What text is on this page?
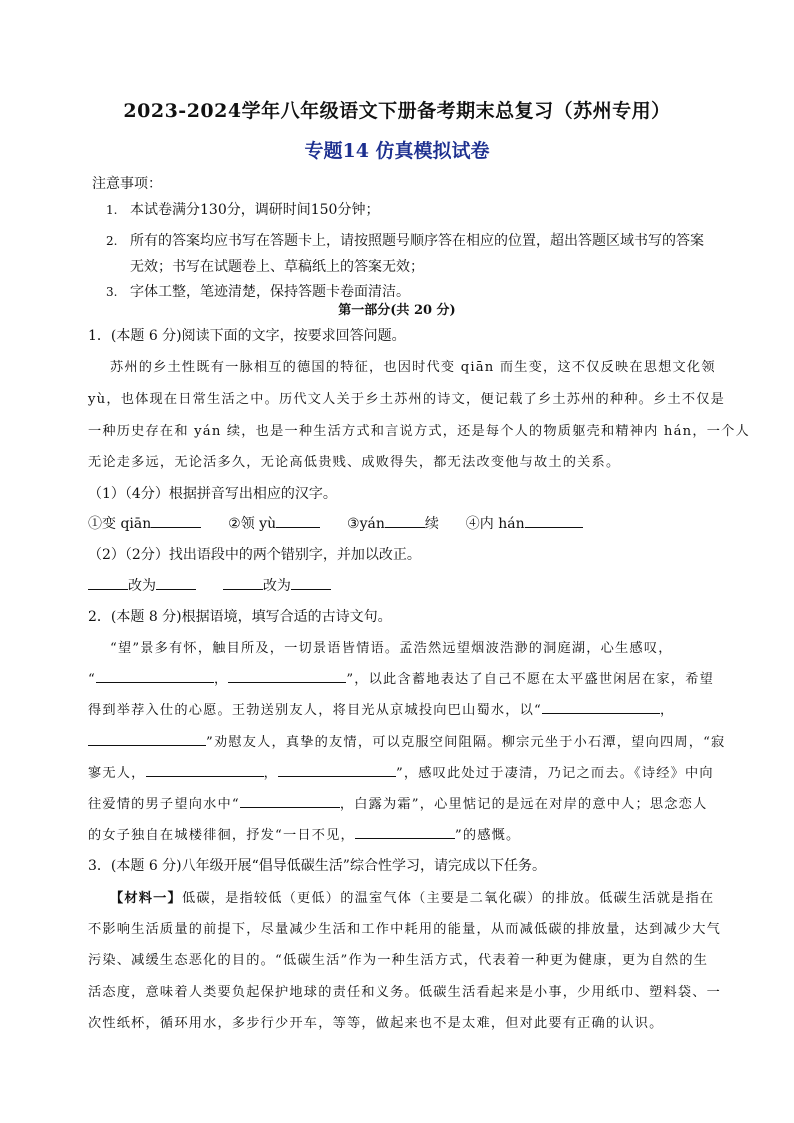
2023-2024学年八年级语文下册备考期末总复习（苏州专用）
专题14 仿真模拟试卷
注意事项：
1. 本试卷满分130分，调研时间150分钟；
2. 所有的答案均应书写在答题卡上，请按照题号顺序答在相应的位置，超出答题区域书写的答案
无效；书写在试题卷上、草稿纸上的答案无效；
3. 字体工整，笔迹清楚，保持答题卡卷面清洁。
第一部分(共 20 分)
1．(本题 6 分)阅读下面的文字，按要求回答问题。
苏州的乡土性既有一脉相互的德国的特征，也因时代变 qiān 而生变，这不仅反映在思想文化领
yù，也体现在日常生活之中。历代文人关于乡土苏州的诗文，便记载了乡土苏州的种种。乡土不仅是
一种历史存在和 yán 续，也是一种生活方式和言说方式，还是每个人的物质躯壳和精神内 hán，一个人
无论走多远，无论活多久，无论高低贵贱、成败得失，都无法改变他与故土的关系。
（1）（4分）根据拼音写出相应的汉字。
①变 qiān	②领 yù	③yán	续 ④内 hán
（2）（2分）找出语段中的两个错别字，并加以改正。
改为	改为
2．(本题 8 分)根据语境，填写合适的古诗文句。
“望”景多有怀，触目所及，一切景语皆情语。孟浩然远望烟波浩渺的洞庭湖，心生感叹，
“	，	”，以此含蓄地表达了自己不愿在太平盛世闲居在家，希望
得到举荐入仕的心愿。王勃送别友人，将目光从京城投向巴山蜀水，以“	，
”劝慰友人，真挚的友情，可以克服空间阻隔。柳宗元坐于小石潭，望向四周，“寂
寥无人，	，	”，感叹此处过于凄清，乃记之而去。《诗经》中向
往爱情的男子望向水中“	，白露为霜”，心里惦记的是远在对岸的意中人；思念恋人
的女子独自在城楼徘徊，抒发“一日不见，	”的感慨。
3．(本题 6 分)八年级开展“倡导低碳生活”综合性学习，请完成以下任务。
【材料一】低碳，是指较低（更低）的温室气体（主要是二氧化碳）的排放。低碳生活就是指在
不影响生活质量的前提下，尽量减少生活和工作中耗用的能量，从而减低碳的排放量，达到减少大气
污染、减缓生态恶化的目的。“低碳生活”作为一种生活方式，代表着一种更为健康，更为自然的生
活态度，意味着人类要负起保护地球的责任和义务。低碳生活看起来是小事，少用纸巾、塑料袋、一
次性纸杯，循环用水，多步行少开车，等等，做起来也不是太难，但对此要有正确的认识。
